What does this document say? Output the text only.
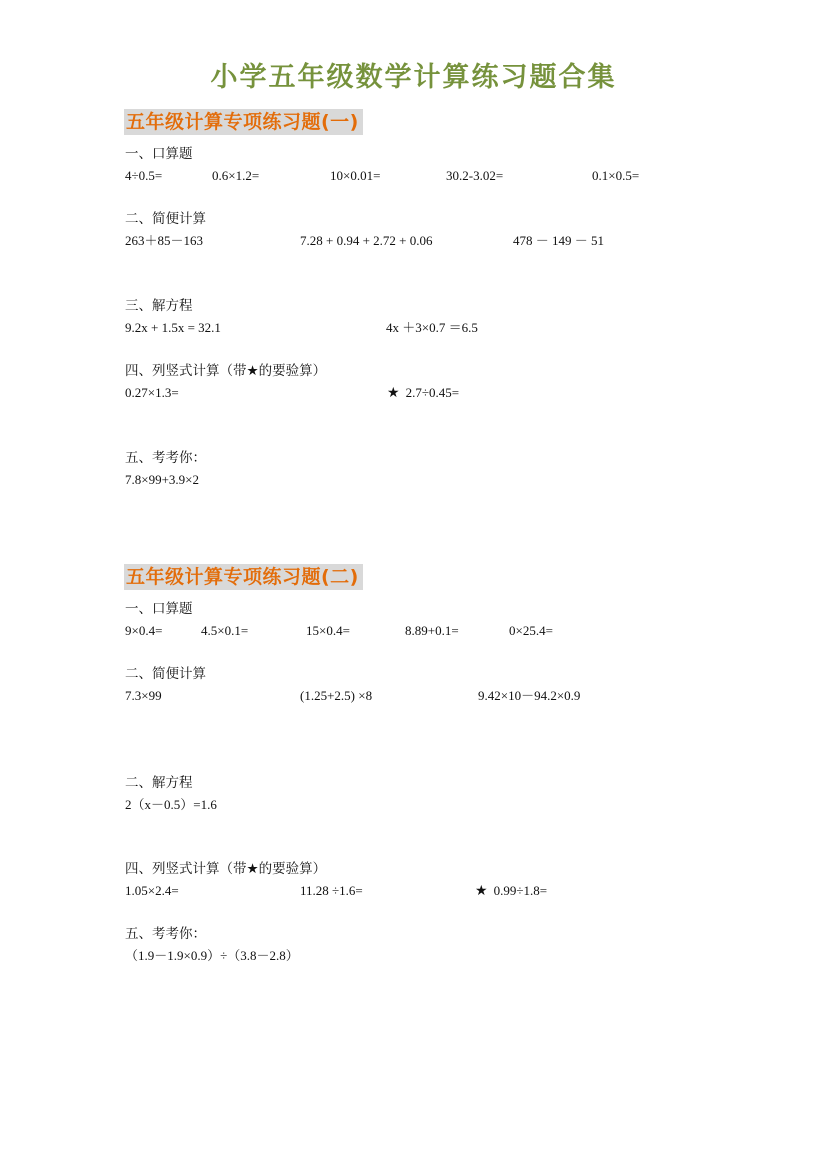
小学五年级数学计算练习题合集
五年级计算专项练习题(一)
一、口算题
4÷0.5=	0.6×1.2=	10×0.01=	30.2-3.02=	0.1×0.5=
二、简便计算
263＋85－163	7.28 + 0.94 + 2.72 + 0.06	478 － 149 － 51
三、解方程
9.2x + 1.5x = 32.1	4x ＋3×0.7 ＝6.5
四、列竖式计算（带★的要验算）
0.27×1.3=	★ 2.7÷0.45=
五、考考你：
7.8×99+3.9×2
五年级计算专项练习题(二)
一、口算题
9×0.4=	4.5×0.1=	15×0.4=	8.89+0.1=	0×25.4=
二、简便计算
7.3×99	(1.25+2.5) ×8	9.42×10－94.2×0.9
二、解方程
2（x－0.5）=1.6
四、列竖式计算（带★的要验算）
1.05×2.4=	11.28 ÷1.6=	★ 0.99÷1.8=
五、考考你：
（1.9－1.9×0.9）÷（3.8－2.8）
